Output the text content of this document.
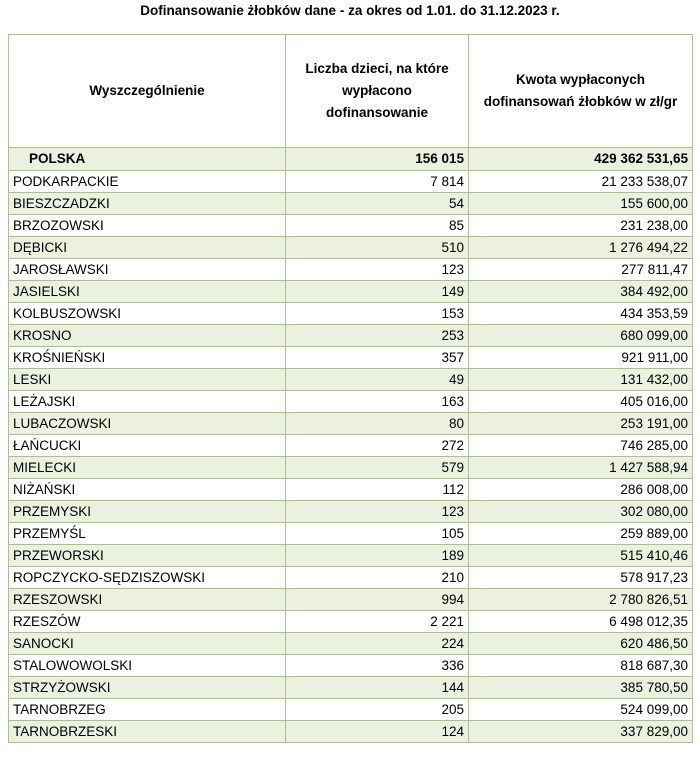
Dofinansowanie żłobków dane - za okres od 1.01. do 31.12.2023 r.
Wyszczególnienie	Liczba dzieci, na które wypłacono dofinansowanie	Kwota wypłaconych dofinansowań żłobków w zł/gr
POLSKA	156 015	429 362 531,65
PODKARPACKIE	7 814	21 233 538,07
BIESZCZADZKI	54	155 600,00
BRZOZOWSKI	85	231 238,00
DĘBICKI	510	1 276 494,22
JAROSŁAWSKI	123	277 811,47
JASIELSKI	149	384 492,00
KOLBUSZOWSKI	153	434 353,59
KROSNO	253	680 099,00
KROŚNIEŃSKI	357	921 911,00
LESKI	49	131 432,00
LEŻAJSKI	163	405 016,00
LUBACZOWSKI	80	253 191,00
ŁAŃCUCKI	272	746 285,00
MIELECKI	579	1 427 588,94
NIŻAŃSKI	112	286 008,00
PRZEMYSKI	123	302 080,00
PRZEMYŚL	105	259 889,00
PRZEWORSKI	189	515 410,46
ROPCZYCKO-SĘDZISZOWSKI	210	578 917,23
RZESZOWSKI	994	2 780 826,51
RZESZÓW	2 221	6 498 012,35
SANOCKI	224	620 486,50
STALOWOWOLSKI	336	818 687,30
STRZYŻOWSKI	144	385 780,50
TARNOBRZEG	205	524 099,00
TARNOBRZESKI	124	337 829,00
